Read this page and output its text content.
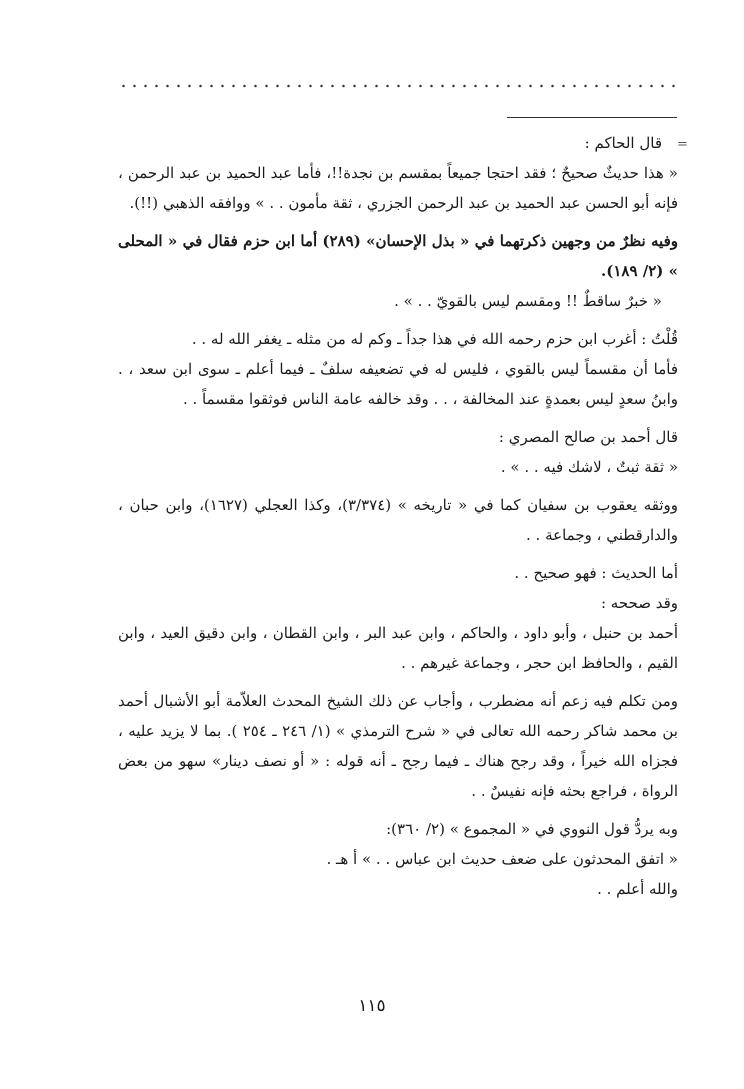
=

قال الحاكم :

« هذا حديثٌ صحيحٌ ؛ فقد احتجا جميعاً بمقسم بن نجدة!!، فأما عبد الحميد بن عبد الرحمن ، فإنه أبو الحسن عبد الحميد بن عبد الرحمن الجزري ، ثقة مأمون . . » ووافقه الذهبي (!!).

وفيه نظرٌ من وجهين ذكرتهما في « بذل الإحسان» (٢٨٩) أما ابن حزم فقال في « المحلى » (٢/ ١٨٩).

« خبرٌ ساقطٌ !! ومقسم ليس بالقويّ . . » .

قُلْتُ : أغرب ابن حزم رحمه الله في هذا جداً ـ وكم له من مثله ـ يغفر الله له . .

فأما أن مقسماً ليس بالقوي ، فليس له في تضعيفه سلفٌ ـ فيما أعلم ـ سوى ابن سعد ، . وابنُ سعدٍ ليس بعمدةٍ عند المخالفة ، . . وقد خالفه عامة الناس فوثقوا مقسماً . .

قال أحمد بن صالح المصري :

« ثقة ثبتٌ ، لاشك فيه . . » .

ووثقه يعقوب بن سفيان كما في « تاريخه » (٣/٣٧٤)، وكذا العجلي (١٦٢٧)، وابن حبان ، والدارقطني ، وجماعة . .

أما الحديث : فهو صحيح . .

وقد صححه :

أحمد بن حنبل ، وأبو داود ، والحاكم ، وابن عبد البر ، وابن القطان ، وابن دقيق العيد ، وابن القيم ، والحافظ ابن حجر ، وجماعة غيرهم . .

ومن تكلم فيه زعم أنه مضطرب ، وأجاب عن ذلك الشيخ المحدث العلاّمة أبو الأشبال أحمد بن محمد شاكر رحمه الله تعالى في « شرح الترمذي » (١/ ٢٤٦ ـ ٢٥٤ ). بما لا يزيد عليه ، فجزاه الله خيراً ، وقد رجح هناك ـ فيما رجح ـ أنه قوله : « أو نصف دينار» سهو من بعض الرواة ، فراجع بحثه فإنه نفيسٌ . .

وبه يردُّ قول النووي في « المجموع » (٢/ ٣٦٠):

« اتفق المحدثون على ضعف حديث ابن عباس . . » أ هـ .

والله أعلم . .

١١٥
